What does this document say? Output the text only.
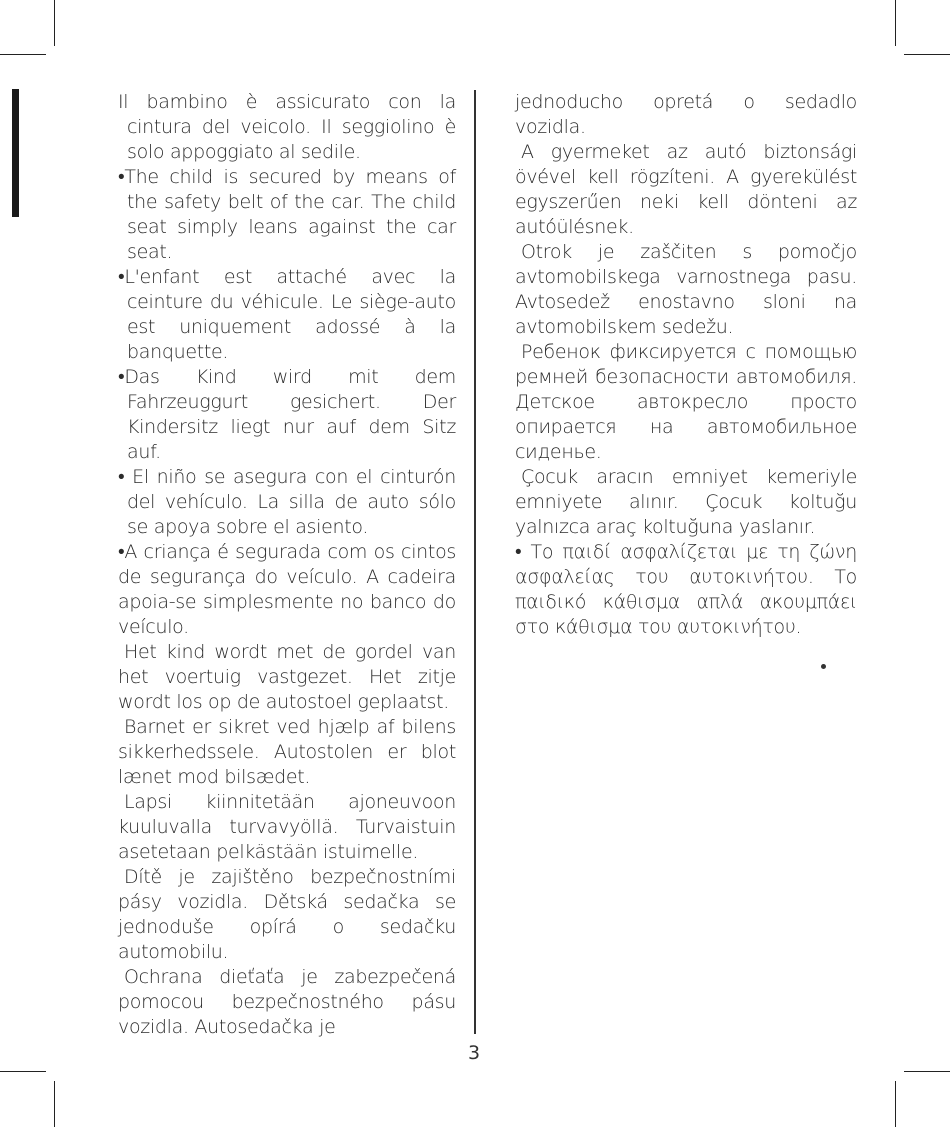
Il bambino è assicurato con la cintura del veicolo. Il seggiolino è solo appoggiato al sedile.

•The child is secured by means of the safety belt of the car. The child seat simply leans against the car seat.

•L'enfant est attaché avec la ceinture du véhicule. Le siège-auto est uniquement adossé à la banquette.

•Das Kind wird mit dem Fahrzeuggurt gesichert. Der Kindersitz liegt nur auf dem Sitz auf.

• El niño se asegura con el cinturón del vehículo. La silla de auto sólo se apoya sobre el asiento.

•A criança é segurada com os cintos de segurança do veículo. A cadeira apoia-se simplesmente no banco do veículo.

Het kind wordt met de gordel van het voertuig vastgezet. Het zitje wordt los op de autostoel geplaatst.

Barnet er sikret ved hjælp af bilens sikkerhedssele. Autostolen er blot lænet mod bilsædet.

Lapsi kiinnitetään ajoneuvoon kuuluvalla turvavyöllä. Turvaistuin asetetaan pelkästään istuimelle.

Dítě je zajištěno bezpečnostními pásy vozidla. Dětská sedačka se jednoduše opírá o sedačku automobilu.

Ochrana dieťaťa je zabezpečená pomocou bezpečnostného pásu vozidla. Autosedačka je

jednoducho opretá o sedadlo vozidla.

A gyermeket az autó biztonsági övével kell rögzíteni. A gyerekülést egyszerűen neki kell dönteni az autóülésnek.

Otrok je zaščiten s pomočjo avtomobilskega varnostnega pasu. Avtosedež enostavno sloni na avtomobilskem sedežu.

Ребенок фиксируется с помощью ремней безопасности автомобиля. Детское автокресло просто опирается на автомобильное сиденье.

Çocuk aracın emniyet kemeriyle emniyete alınır. Çocuk koltuğu yalnızca araç koltuğuna yaslanır.

• Το παιδί ασφαλίζεται με τη ζώνη ασφαλείας του αυτοκινήτου. Το παιδικό κάθισμα απλά ακουμπάει στο κάθισμα του αυτοκινήτου.

3
